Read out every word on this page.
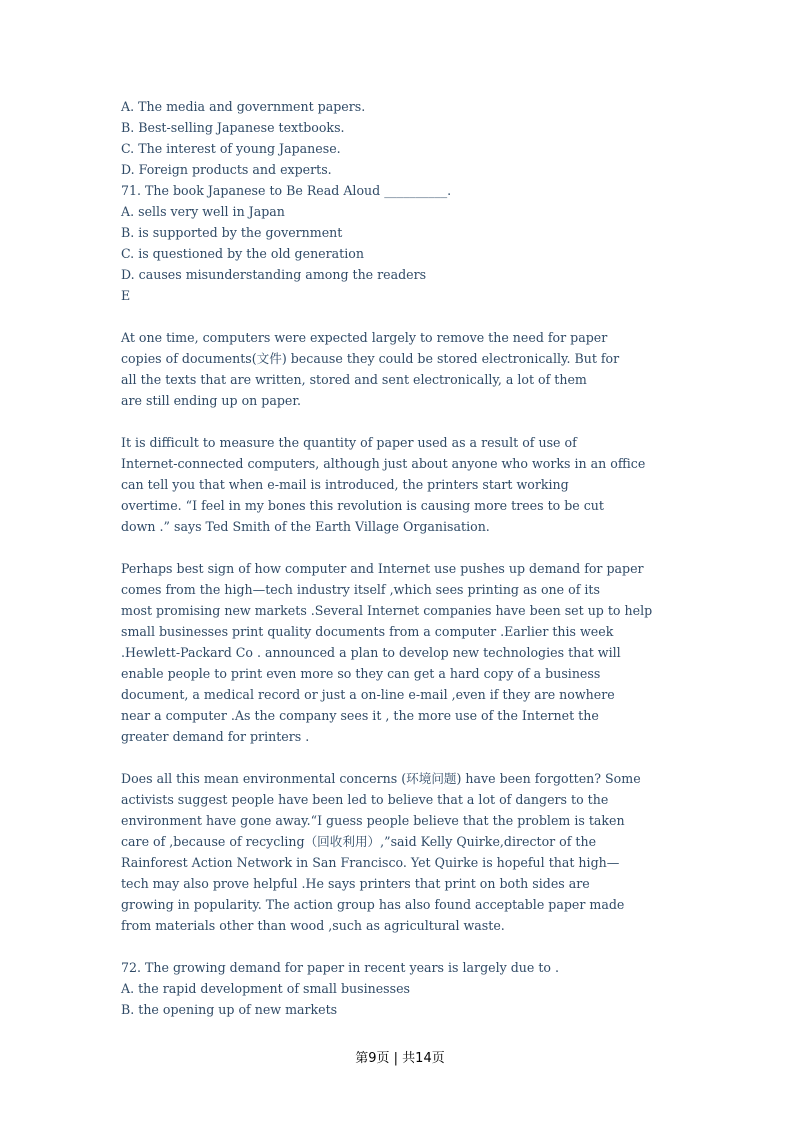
A. The media and government papers.
B. Best-selling Japanese textbooks.
C. The interest of young Japanese.
D. Foreign products and experts.
71. The book Japanese to Be Read Aloud __________.
A. sells very well in Japan
B. is supported by the government
C. is questioned by the old generation
D. causes misunderstanding among the readers
E
At one time, computers were expected largely to remove the need for paper
copies of documents(文件) because they could be stored electronically. But for
all the texts that are written, stored and sent electronically, a lot of them
are still ending up on paper.
It is difficult to measure the quantity of paper used as a result of use of
Internet-connected computers, although just about anyone who works in an office
can tell you that when e-mail is introduced, the printers start working
overtime. “I feel in my bones this revolution is causing more trees to be cut
down .” says Ted Smith of the Earth Village Organisation.
Perhaps best sign of how computer and Internet use pushes up demand for paper
comes from the high—tech industry itself ,which sees printing as one of its
most promising new markets .Several Internet companies have been set up to help
small businesses print quality documents from a computer .Earlier this week
.Hewlett-Packard Co . announced a plan to develop new technologies that will
enable people to print even more so they can get a hard copy of a business
document, a medical record or just a on-line e-mail ,even if they are nowhere
near a computer .As the company sees it , the more use of the Internet the
greater demand for printers .
Does all this mean environmental concerns (环境问题) have been forgotten? Some
activists suggest people have been led to believe that a lot of dangers to the
environment have gone away.“I guess people believe that the problem is taken
care of ,because of recycling（回收利用）,”said Kelly Quirke,director of the
Rainforest Action Network in San Francisco. Yet Quirke is hopeful that high—
tech may also prove helpful .He says printers that print on both sides are
growing in popularity. The action group has also found acceptable paper made
from materials other than wood ,such as agricultural waste.
72. The growing demand for paper in recent years is largely due to .
A. the rapid development of small businesses
B. the opening up of new markets
第9页 | 共14页
